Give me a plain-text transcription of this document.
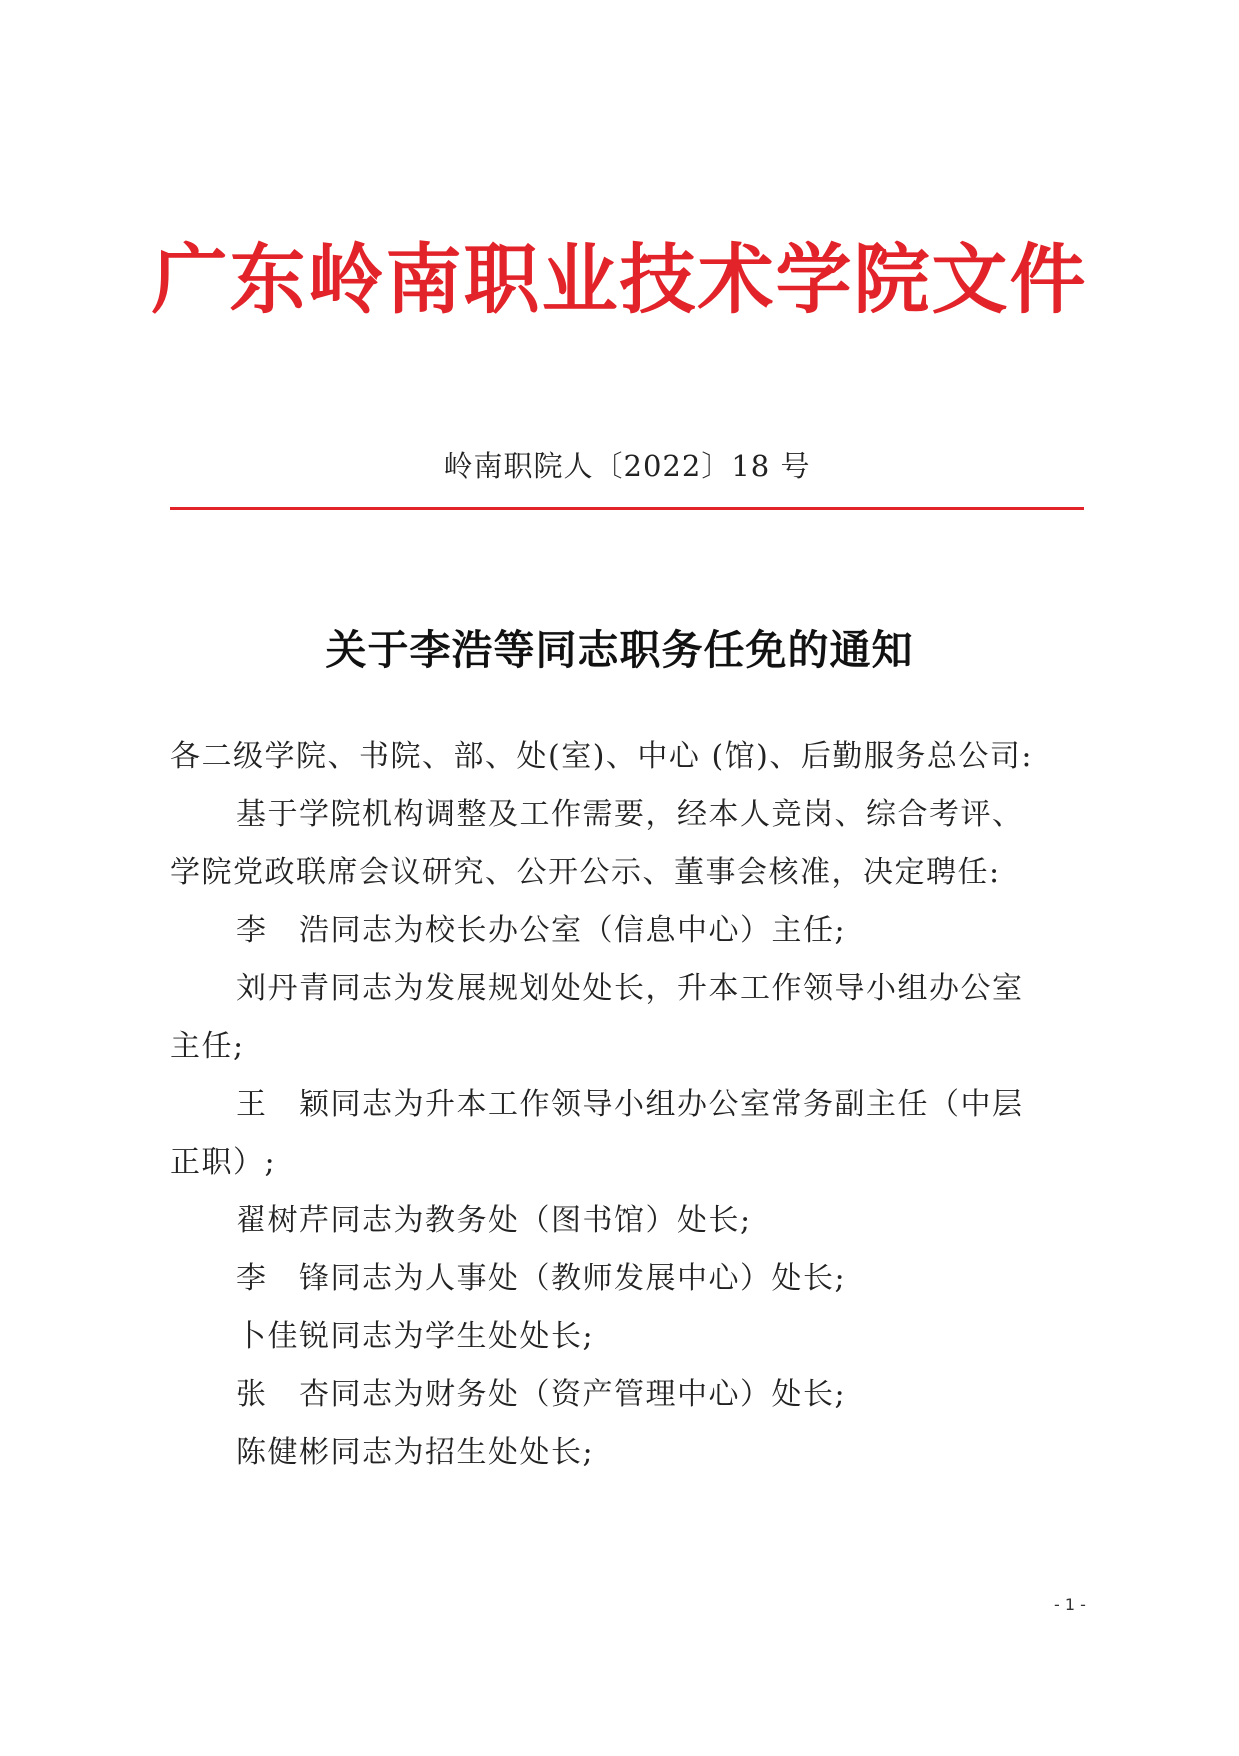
广东岭南职业技术学院文件
岭南职院人〔2022〕18 号
关于李浩等同志职务任免的通知
各二级学院、书院、部、处(室)、中心 (馆)、后勤服务总公司:
基于学院机构调整及工作需要，经本人竞岗、综合考评、
学院党政联席会议研究、公开公示、董事会核准，决定聘任:
李　浩同志为校长办公室（信息中心）主任;
刘丹青同志为发展规划处处长，升本工作领导小组办公室
主任;
王　颖同志为升本工作领导小组办公室常务副主任（中层
正职）;
翟树芹同志为教务处（图书馆）处长;
李　锋同志为人事处（教师发展中心）处长;
卜佳锐同志为学生处处长;
张　杏同志为财务处（资产管理中心）处长;
陈健彬同志为招生处处长;
- 1 -
